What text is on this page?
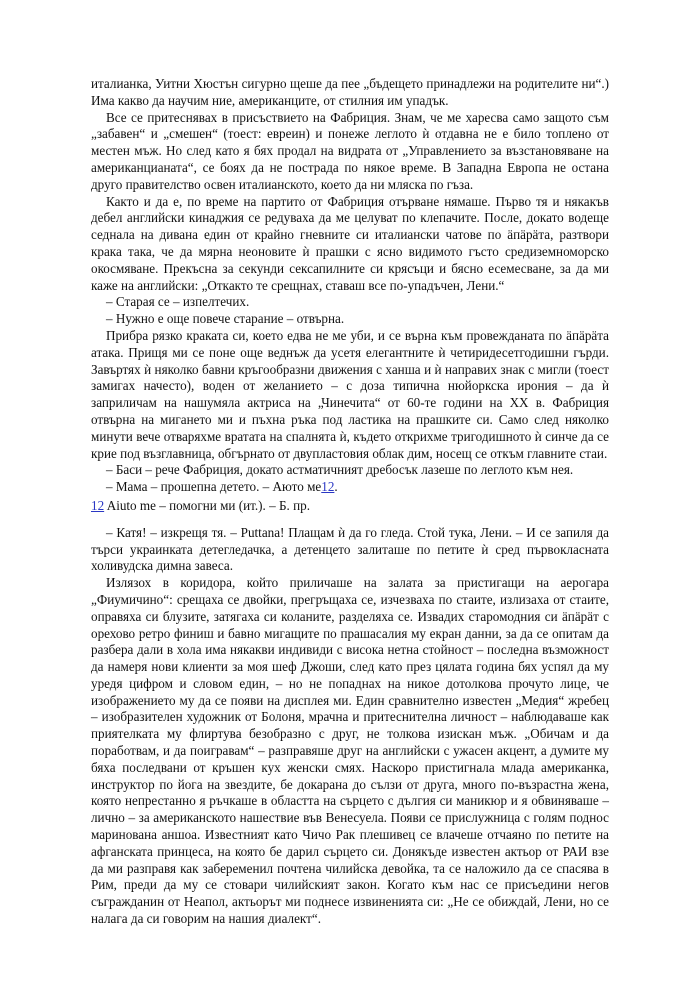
италианка, Уитни Хюстън сигурно щеше да пее „бъдещето принадлежи на родителите ни“.) Има какво да научим ние, американците, от стилния им упадък.

Все се притеснявах в присъствието на Фабриция. Знам, че ме харесва само защото съм „забавен“ и „смешен“ (тоест: евреин) и понеже леглото ѝ отдавна не е било топлено от местен мъж. Но след като я бях продал на видрата от „Управлението за възстановяване на американцианата“, се боях да не пострада по някое време. В Западна Европа не остана друго правителство освен италианското, което да ни мляска по гъза.

Както и да е, по време на партито от Фабриция отърване нямаше. Първо тя и някакъв дебел английски кинаджия се редуваха да ме целуват по клепачите. После, докато водеще седнала на дивана един от крайно гневните си италиански чатове по äпäрäта, разтвори крака така, че да мярна неоновите ѝ прашки с ясно видимото гъсто средиземноморско окосмяване. Прекъсна за секунди сексапилните си крясъци и бясно есемесване, за да ми каже на английски: „Откакто те срещнах, ставаш все по-упадъчен, Лени.“

– Старая се – изпелтечих.

– Нужно е още повече старание – отвърна.

Прибра рязко краката си, което едва не ме уби, и се върна към провежданата по äпäрäта атака. Прищя ми се поне още веднъж да усетя елегантните ѝ четиридесетгодишни гърди. Завъртях ѝ няколко бавни кръгообразни движения с ханша и ѝ направих знак с мигли (тоест замигах начесто), воден от желанието – с доза типична нюйоркска ирония – да ѝ заприличам на нашумяла актриса на „Чинечита“ от 60-те години на XX в. Фабриция отвърна на мигането ми и пъхна ръка под ластика на прашките си. Само след няколко минути вече отваряхме вратата на спалнята ѝ, където открихме тригодишното ѝ синче да се крие под възглавница, обгърнато от двупластовия облак дим, носещ се откъм главните стаи.

– Баси – рече Фабриция, докато астматичният дребосък лазеше по леглото към нея.

– Мама – прошепна детето. – Аюто ме12.

12 Aiuto me – помогни ми (ит.). – Б. пр.

– Катя! – изкрещя тя. – Puttana! Плащам ѝ да го гледа. Стой тука, Лени. – И се запиля да търси украинката детегледачка, а детенцето залиташе по петите ѝ сред първокласната холивудска димна завеса.

Излязох в коридора, който приличаше на залата за пристигащи на аерогара „Фиумичино“: срещаха се двойки, прегръщаха се, изчезваха по стаите, излизаха от стаите, оправяха си блузите, затягаха си коланите, разделяха се. Извадих старомодния си äпäрäт с орехово ретро финиш и бавно мигащите по прашасалия му екран данни, за да се опитам да разбера дали в хола има някакви индивиди с висока нетна стойност – последна възможност да намеря нови клиенти за моя шеф Джоши, след като през цялата година бях успял да му уредя цифром и словом един, – но не попаднах на никое дотолкова прочуто лице, че изображението му да се появи на дисплея ми. Един сравнително известен „Медия“ жребец – изобразителен художник от Болоня, мрачна и притеснителна личност – наблюдаваше как приятелката му флиртува безобразно с друг, не толкова изискан мъж. „Обичам и да поработвам, и да поигравам“ – разправяше друг на английски с ужасен акцент, а думите му бяха последвани от кръшен кух женски смях. Наскоро пристигнала млада американка, инструктор по йога на звездите, бе докарана до сълзи от друга, много по-възрастна жена, която непрестанно я ръчкаше в областта на сърцето с дългия си маникюр и я обвиняваше – лично – за американското нашествие във Венесуела. Появи се прислужница с голям поднос маринована аншоа. Известният като Чичо Рак плешивец се влачеше отчаяно по петите на афганската принцеса, на която бе дарил сърцето си. Донякъде известен актьор от РАИ взе да ми разправя как забеременил почтена чилийска девойка, та се наложило да се спасява в Рим, преди да му се стовари чилийският закон. Когато към нас се присъедини негов съгражданин от Неапол, актьорът ми поднесе извиненията си: „Не се обиждай, Лени, но се налага да си говорим на нашия диалект“.
